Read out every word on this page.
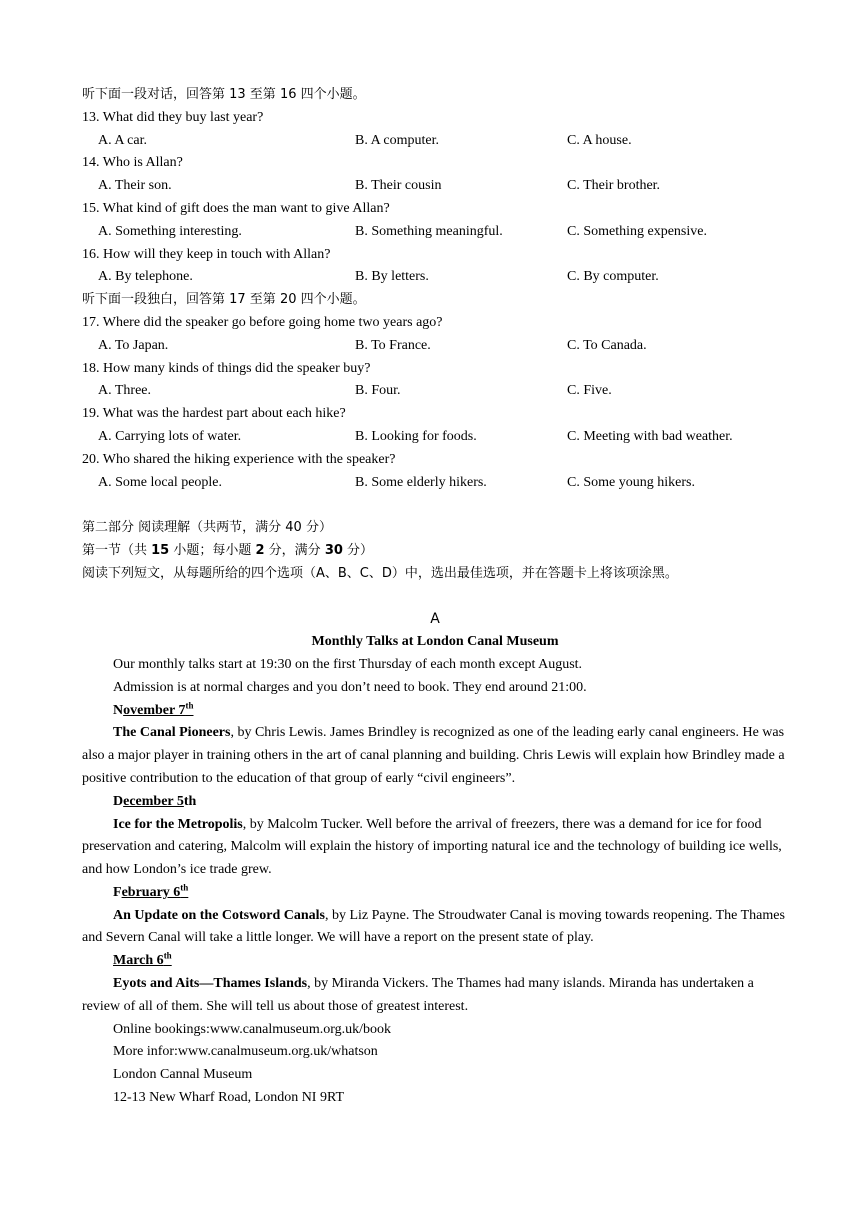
听下面一段对话，回答第 13 至第 16 四个小题。
13. What did they buy last year?
A. A car.	B. A computer.	C. A house.
14. Who is Allan?
A. Their son.	B. Their cousin	C. Their brother.
15. What kind of gift does the man want to give Allan?
A. Something interesting.	B. Something meaningful.	C. Something expensive.
16. How will they keep in touch with Allan?
A. By telephone.	B. By letters.	C. By computer.
听下面一段独白，回答第 17 至第 20 四个小题。
17. Where did the speaker go before going home two years ago?
A. To Japan.	B. To France.	C. To Canada.
18. How many kinds of things did the speaker buy?
A. Three.	B. Four.	C. Five.
19. What was the hardest part about each hike?
A. Carrying lots of water.	B. Looking for foods.	C. Meeting with bad weather.
20. Who shared the hiking experience with the speaker?
A. Some local people.	B. Some elderly hikers.	C. Some young hikers.
第二部分 阅读理解（共两节，满分 40 分）
第一节（共 15 小题；每小题 2 分，满分 30 分）
阅读下列短文，从每题所给的四个选项（A、B、C、D）中，选出最佳选项，并在答题卡上将该项涂黑。
A
Monthly Talks at London Canal Museum
Our monthly talks start at 19:30 on the first Thursday of each month except August.
Admission is at normal charges and you don’t need to book. They end around 21:00.
November 7th
The Canal Pioneers, by Chris Lewis. James Brindley is recognized as one of the leading early canal engineers. He was also a major player in training others in the art of canal planning and building. Chris Lewis will explain how Brindley made a positive contribution to the education of that group of early “civil engineers”.
December 5th
Ice for the Metropolis, by Malcolm Tucker. Well before the arrival of freezers, there was a demand for ice for food preservation and catering, Malcolm will explain the history of importing natural ice and the technology of building ice wells, and how London’s ice trade grew.
February 6th
An Update on the Cotsword Canals, by Liz Payne. The Stroudwater Canal is moving towards reopening. The Thames and Severn Canal will take a little longer. We will have a report on the present state of play.
March 6th
Eyots and Aits—Thames Islands, by Miranda Vickers. The Thames had many islands. Miranda has undertaken a review of all of them. She will tell us about those of greatest interest.
Online bookings:www.canalmuseum.org.uk/book
More infor:www.canalmuseum.org.uk/whatson
London Cannal Museum
12-13 New Wharf Road, London NI 9RT
